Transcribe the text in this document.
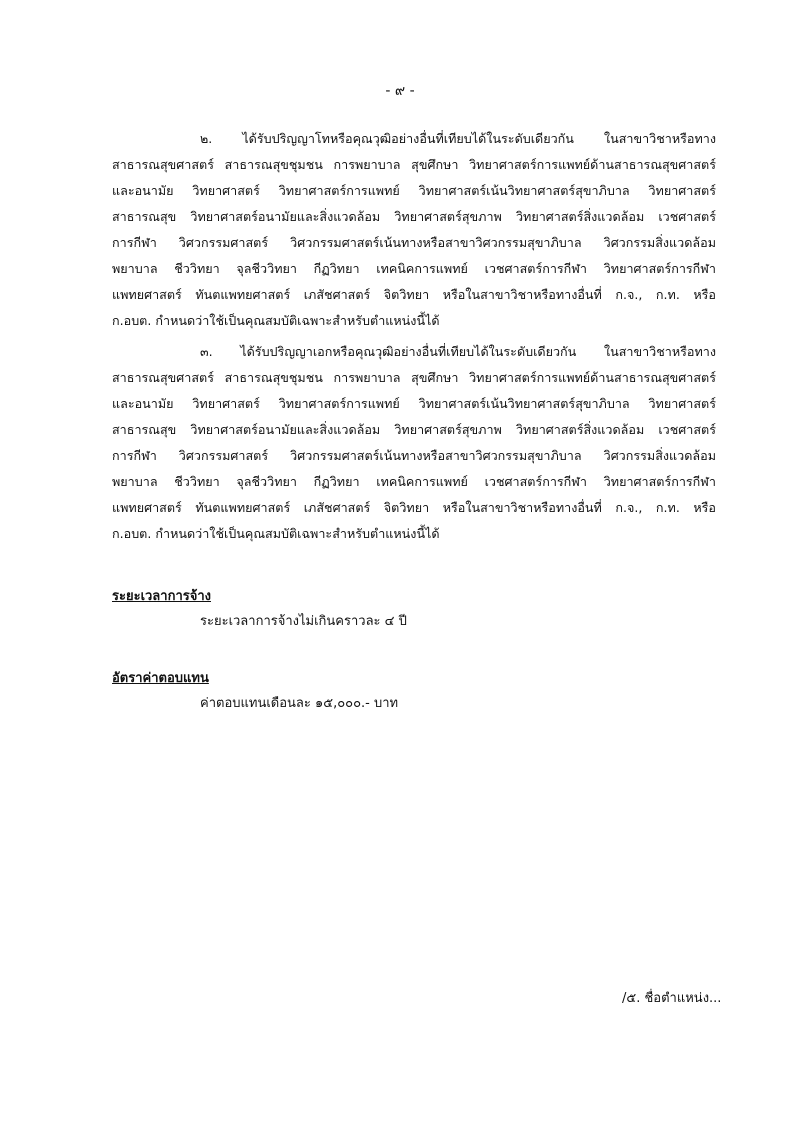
- ๙ -
๒. ได้รับปริญญาโทหรือคุณวุฒิอย่างอื่นที่เทียบได้ในระดับเดียวกัน ในสาขาวิชาหรือทาง
สาธารณสุขศาสตร์ สาธารณสุขชุมชน การพยาบาล สุขศึกษา วิทยาศาสตร์การแพทย์ด้านสาธารณสุขศาสตร์
และอนามัย วิทยาศาสตร์ วิทยาศาสตร์การแพทย์ วิทยาศาสตร์เน้นวิทยาศาสตร์สุขาภิบาล วิทยาศาสตร์
สาธารณสุข วิทยาศาสตร์อนามัยและสิ่งแวดล้อม วิทยาศาสตร์สุขภาพ วิทยาศาสตร์สิ่งแวดล้อม เวชศาสตร์
การกีฬา วิศวกรรมศาสตร์ วิศวกรรมศาสตร์เน้นทางหรือสาขาวิศวกรรมสุขาภิบาล วิศวกรรมสิ่งแวดล้อม
พยาบาล ชีววิทยา จุลชีววิทยา กีฏวิทยา เทคนิคการแพทย์ เวชศาสตร์การกีฬา วิทยาศาสตร์การกีฬา
แพทยศาสตร์ ทันตแพทยศาสตร์ เภสัชศาสตร์ จิตวิทยา หรือในสาขาวิชาหรือทางอื่นที่ ก.จ., ก.ท. หรือ
ก.อบต. กำหนดว่าใช้เป็นคุณสมบัติเฉพาะสำหรับตำแหน่งนี้ได้
๓. ได้รับปริญญาเอกหรือคุณวุฒิอย่างอื่นที่เทียบได้ในระดับเดียวกัน ในสาขาวิชาหรือทาง
สาธารณสุขศาสตร์ สาธารณสุขชุมชน การพยาบาล สุขศึกษา วิทยาศาสตร์การแพทย์ด้านสาธารณสุขศาสตร์
และอนามัย วิทยาศาสตร์ วิทยาศาสตร์การแพทย์ วิทยาศาสตร์เน้นวิทยาศาสตร์สุขาภิบาล วิทยาศาสตร์
สาธารณสุข วิทยาศาสตร์อนามัยและสิ่งแวดล้อม วิทยาศาสตร์สุขภาพ วิทยาศาสตร์สิ่งแวดล้อม เวชศาสตร์
การกีฬา วิศวกรรมศาสตร์ วิศวกรรมศาสตร์เน้นทางหรือสาขาวิศวกรรมสุขาภิบาล วิศวกรรมสิ่งแวดล้อม
พยาบาล ชีววิทยา จุลชีววิทยา กีฏวิทยา เทคนิคการแพทย์ เวชศาสตร์การกีฬา วิทยาศาสตร์การกีฬา
แพทยศาสตร์ ทันตแพทยศาสตร์ เภสัชศาสตร์ จิตวิทยา หรือในสาขาวิชาหรือทางอื่นที่ ก.จ., ก.ท. หรือ
ก.อบต. กำหนดว่าใช้เป็นคุณสมบัติเฉพาะสำหรับตำแหน่งนี้ได้
ระยะเวลาการจ้าง
ระยะเวลาการจ้างไม่เกินคราวละ ๔ ปี
อัตราค่าตอบแทน
ค่าตอบแทนเดือนละ ๑๕,๐๐๐.- บาท
/๕. ชื่อตำแหน่ง...
